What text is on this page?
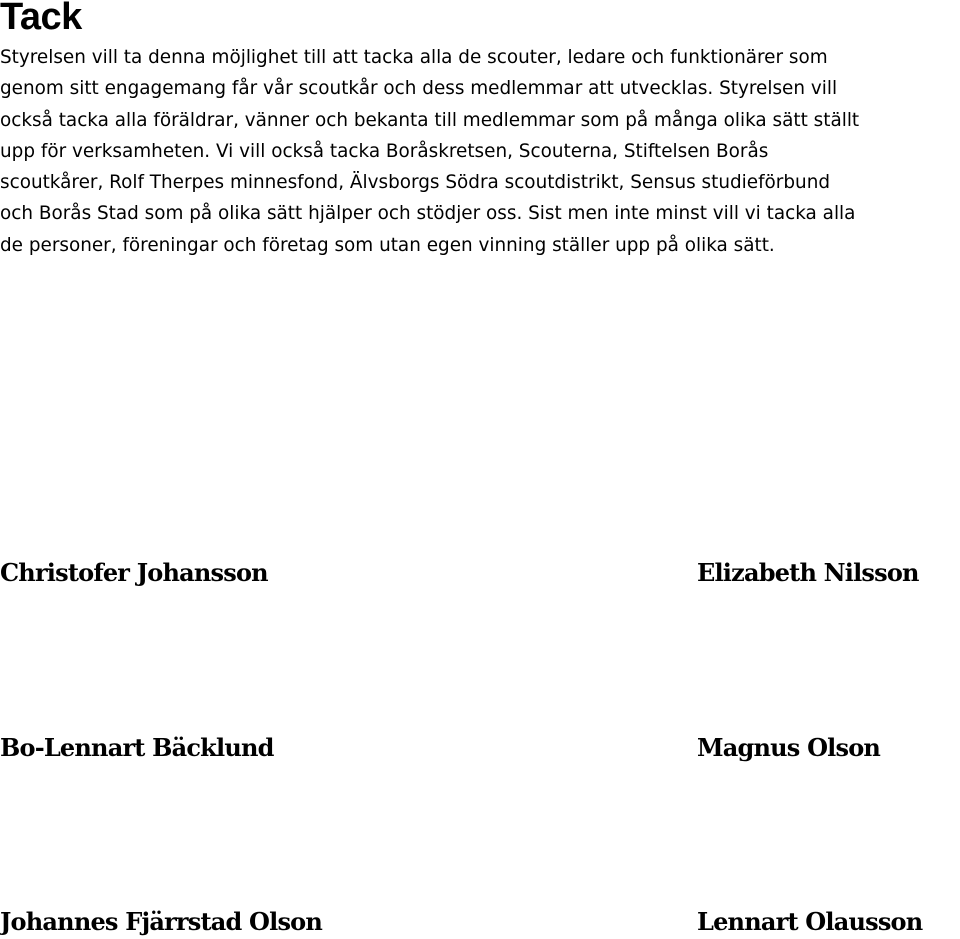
Tack

Styrelsen vill ta denna möjlighet till att tacka alla de scouter, ledare och funktionärer som
genom sitt engagemang får vår scoutkår och dess medlemmar att utvecklas. Styrelsen vill
också tacka alla föräldrar, vänner och bekanta till medlemmar som på många olika sätt ställt
upp för verksamheten. Vi vill också tacka Boråskretsen, Scouterna, Stiftelsen Borås
scoutkårer, Rolf Therpes minnesfond, Älvsborgs Södra scoutdistrikt, Sensus studieförbund
och Borås Stad som på olika sätt hjälper och stödjer oss. Sist men inte minst vill vi tacka alla
de personer, föreningar och företag som utan egen vinning ställer upp på olika sätt.

Christofer Johansson	Elizabeth Nilsson

Bo-Lennart Bäcklund	Magnus Olson

Johannes Fjärrstad Olson	Lennart Olausson
